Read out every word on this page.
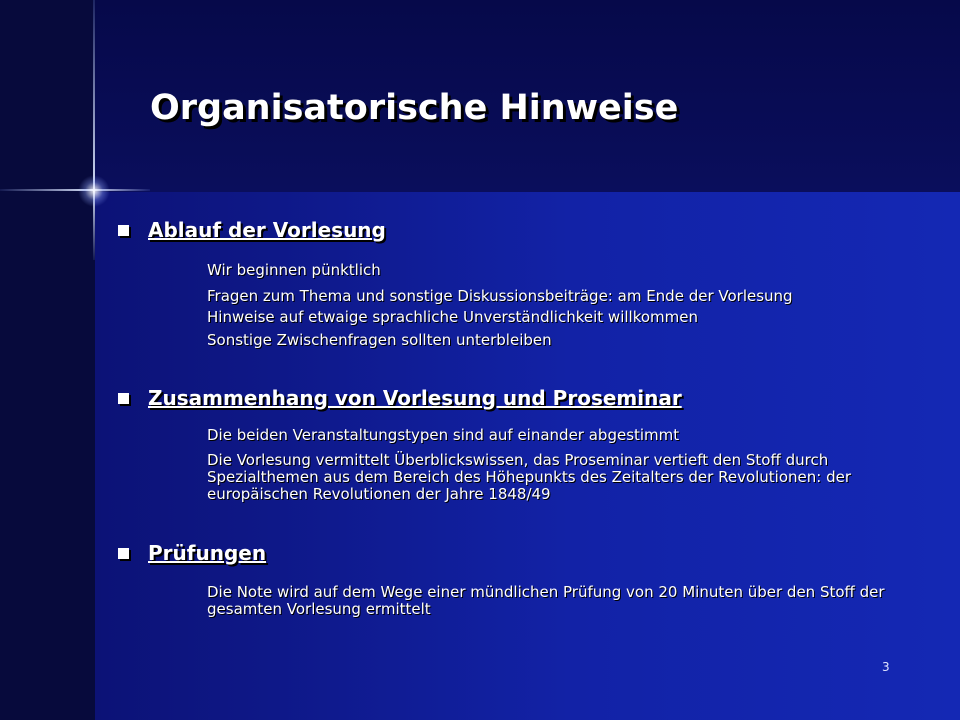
Organisatorische Hinweise
Ablauf der Vorlesung
Wir beginnen pünktlich
Fragen zum Thema und sonstige Diskussionsbeiträge: am Ende der Vorlesung
Hinweise auf etwaige sprachliche Unverständlichkeit willkommen
Sonstige Zwischenfragen sollten unterbleiben
Zusammenhang von Vorlesung und Proseminar
Die beiden Veranstaltungstypen sind auf einander abgestimmt
Die Vorlesung vermittelt Überblickswissen, das Proseminar vertieft den Stoff durch Spezialthemen aus dem Bereich des Höhepunkts des Zeitalters der Revolutionen: der europäischen Revolutionen der Jahre 1848/49
Prüfungen
Die Note wird auf dem Wege einer mündlichen Prüfung von 20 Minuten über den Stoff der gesamten Vorlesung ermittelt
3
